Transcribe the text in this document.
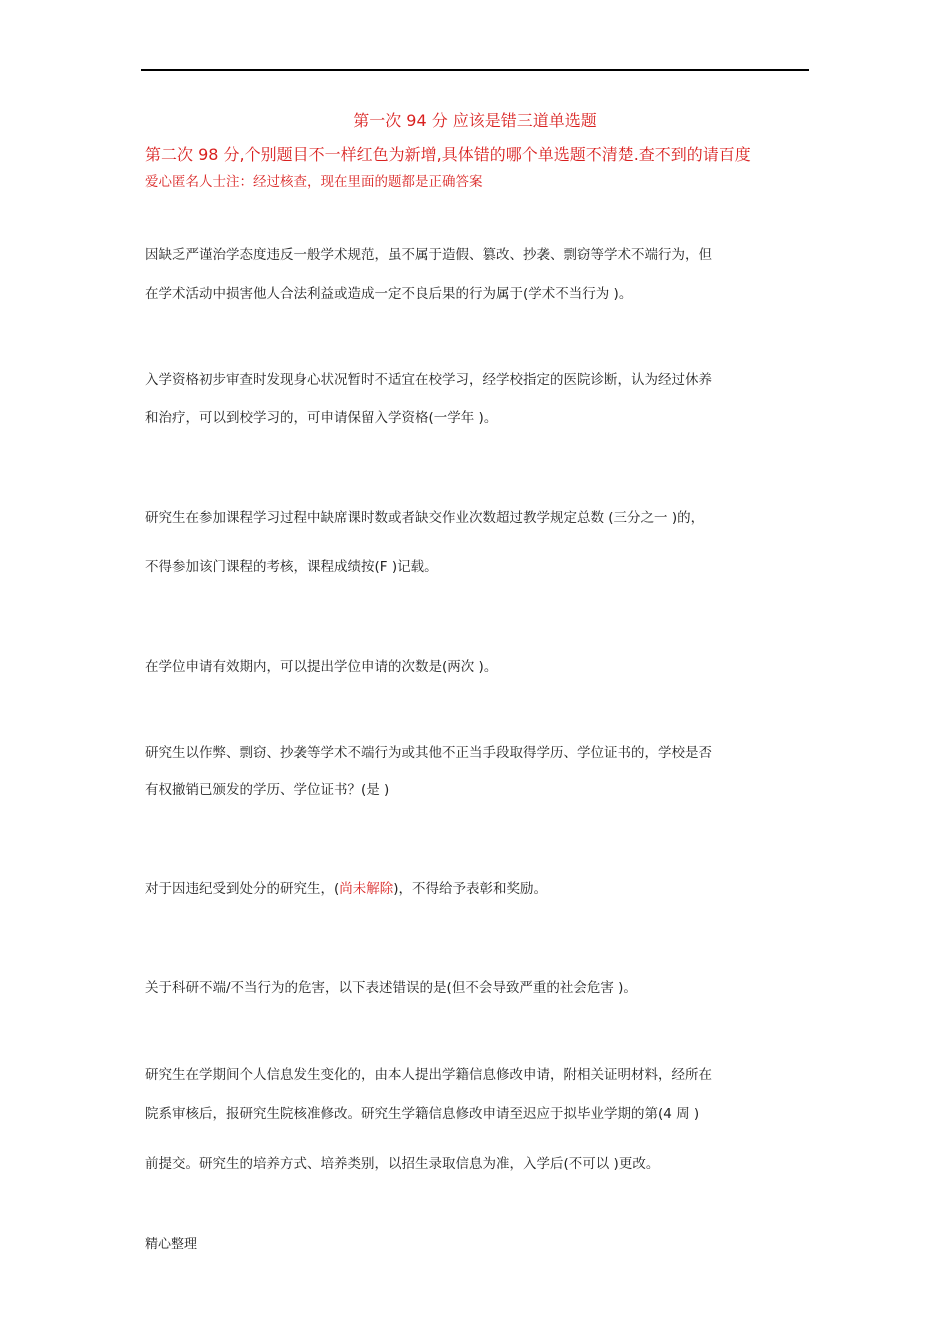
第一次 94 分 应该是错三道单选题
第二次 98 分,个别题目不一样红色为新增,具体错的哪个单选题不清楚.查不到的请百度
爱心匿名人士注：经过核查，现在里面的题都是正确答案
因缺乏严谨治学态度违反一般学术规范，虽不属于造假、篡改、抄袭、剽窃等学术不端行为，但
在学术活动中损害他人合法利益或造成一定不良后果的行为属于(学术不当行为 )。
入学资格初步审查时发现身心状况暂时不适宜在校学习，经学校指定的医院诊断，认为经过休养
和治疗，可以到校学习的，可申请保留入学资格(一学年 )。
研究生在参加课程学习过程中缺席课时数或者缺交作业次数超过教学规定总数 (三分之一 )的，
不得参加该门课程的考核，课程成绩按(F )记载。
在学位申请有效期内，可以提出学位申请的次数是(两次 )。
研究生以作弊、剽窃、抄袭等学术不端行为或其他不正当手段取得学历、学位证书的，学校是否
有权撤销已颁发的学历、学位证书？(是 )
对于因违纪受到处分的研究生，(尚未解除)，不得给予表彰和奖励。
关于科研不端/不当行为的危害，以下表述错误的是(但不会导致严重的社会危害 )。
研究生在学期间个人信息发生变化的，由本人提出学籍信息修改申请，附相关证明材料，经所在
院系审核后，报研究生院核准修改。研究生学籍信息修改申请至迟应于拟毕业学期的第(4 周 )
前提交。研究生的培养方式、培养类别，以招生录取信息为准，入学后(不可以 )更改。
精心整理
